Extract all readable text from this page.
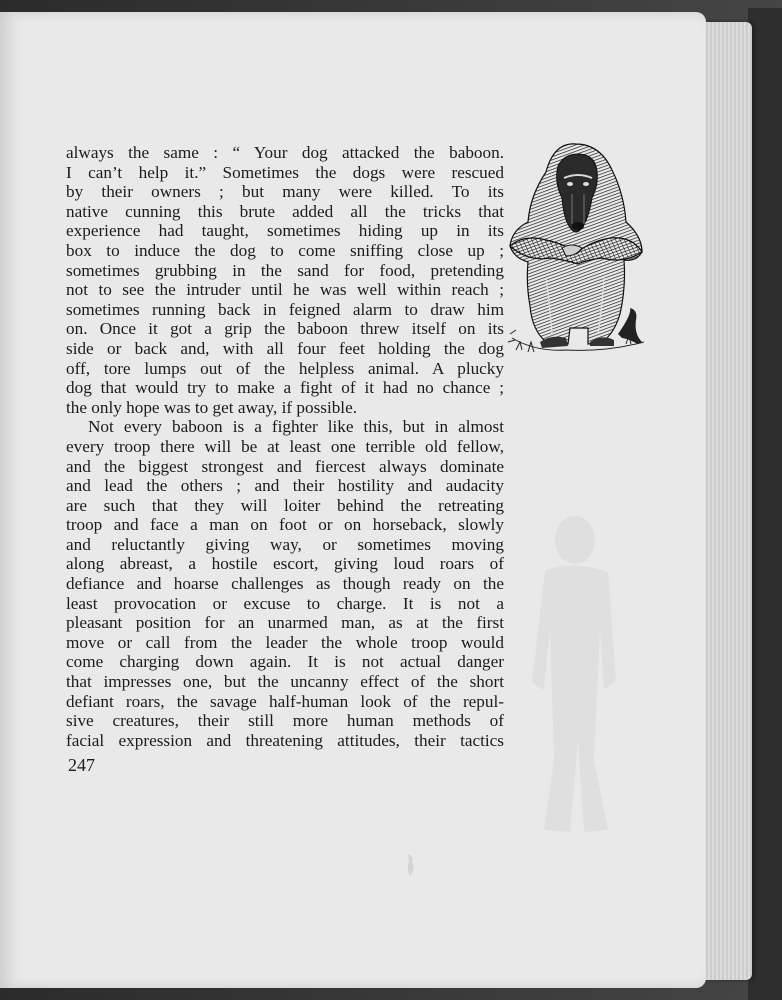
always the same : “ Your dog attacked the baboon.
I can’t help it.” Sometimes the dogs were rescued
by their owners ; but many were killed. To its
native cunning this brute added all the tricks that
experience had taught, sometimes hiding up in its
box to induce the dog to come sniffing close up ;
sometimes grubbing in the sand for food, pretending
not to see the intruder until he was well within reach ;
sometimes running back in feigned alarm to draw him
on. Once it got a grip the baboon threw itself on its
side or back and, with all four feet holding the dog
off, tore lumps out of the helpless animal. A plucky
dog that would try to make a fight of it had no chance ;
the only hope was to get away, if possible.
Not every baboon is a fighter like this, but in almost
every troop there will be at least one terrible old fellow,
and the biggest strongest and fiercest always dominate
and lead the others ; and their hostility and audacity
are such that they will loiter behind the retreating
troop and face a man on foot or on horseback, slowly
and reluctantly giving way, or sometimes moving
along abreast, a hostile escort, giving loud roars of
defiance and hoarse challenges as though ready on the
least provocation or excuse to charge. It is not a
pleasant position for an unarmed man, as at the first
move or call from the leader the whole troop would
come charging down again. It is not actual danger
that impresses one, but the uncanny effect of the short
defiant roars, the savage half-human look of the repul-
sive creatures, their still more human methods of
facial expression and threatening attitudes, their tactics
247
